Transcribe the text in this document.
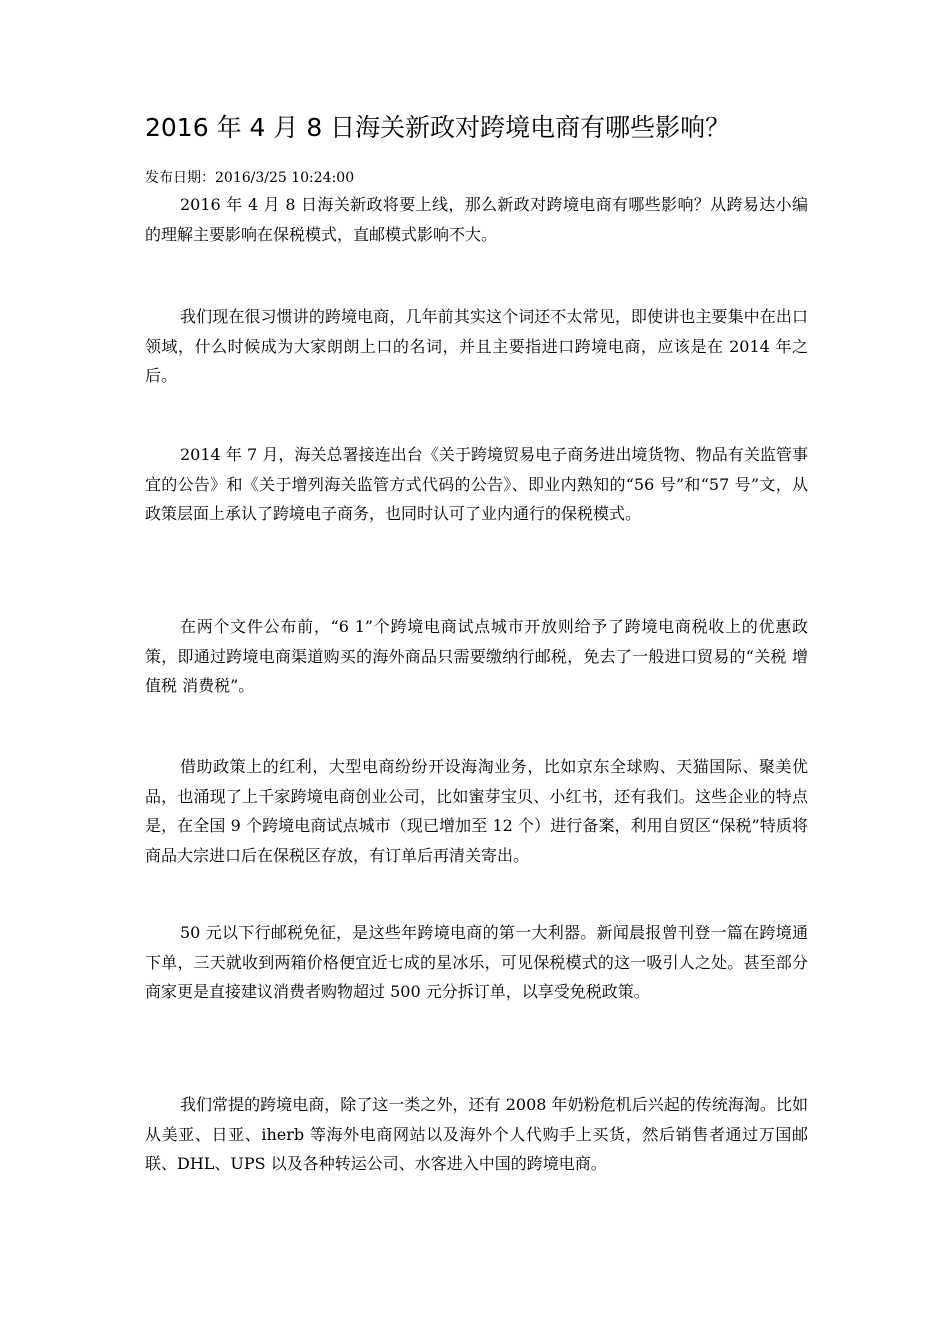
2016 年 4 月 8 日海关新政对跨境电商有哪些影响？
发布日期：2016/3/25 10:24:00

2016 年 4 月 8 日海关新政将要上线，那么新政对跨境电商有哪些影响？从跨易达小编的理解主要影响在保税模式，直邮模式影响不大。

我们现在很习惯讲的跨境电商，几年前其实这个词还不太常见，即使讲也主要集中在出口领域，什么时候成为大家朗朗上口的名词，并且主要指进口跨境电商，应该是在 2014 年之后。

2014 年 7 月，海关总署接连出台《关于跨境贸易电子商务进出境货物、物品有关监管事宜的公告》和《关于增列海关监管方式代码的公告》、即业内熟知的“56 号”和“57 号”文，从政策层面上承认了跨境电子商务，也同时认可了业内通行的保税模式。

在两个文件公布前，“6 1”个跨境电商试点城市开放则给予了跨境电商税收上的优惠政策，即通过跨境电商渠道购买的海外商品只需要缴纳行邮税，免去了一般进口贸易的“关税 增值税 消费税”。

借助政策上的红利，大型电商纷纷开设海淘业务，比如京东全球购、天猫国际、聚美优品，也涌现了上千家跨境电商创业公司，比如蜜芽宝贝、小红书，还有我们。这些企业的特点是，在全国 9 个跨境电商试点城市（现已增加至 12 个）进行备案，利用自贸区“保税”特质将商品大宗进口后在保税区存放，有订单后再清关寄出。

50 元以下行邮税免征，是这些年跨境电商的第一大利器。新闻晨报曾刊登一篇在跨境通下单，三天就收到两箱价格便宜近七成的星冰乐，可见保税模式的这一吸引人之处。甚至部分商家更是直接建议消费者购物超过 500 元分拆订单，以享受免税政策。

我们常提的跨境电商，除了这一类之外，还有 2008 年奶粉危机后兴起的传统海淘。比如从美亚、日亚、iherb 等海外电商网站以及海外个人代购手上买货，然后销售者通过万国邮联、DHL、UPS 以及各种转运公司、水客进入中国的跨境电商。
